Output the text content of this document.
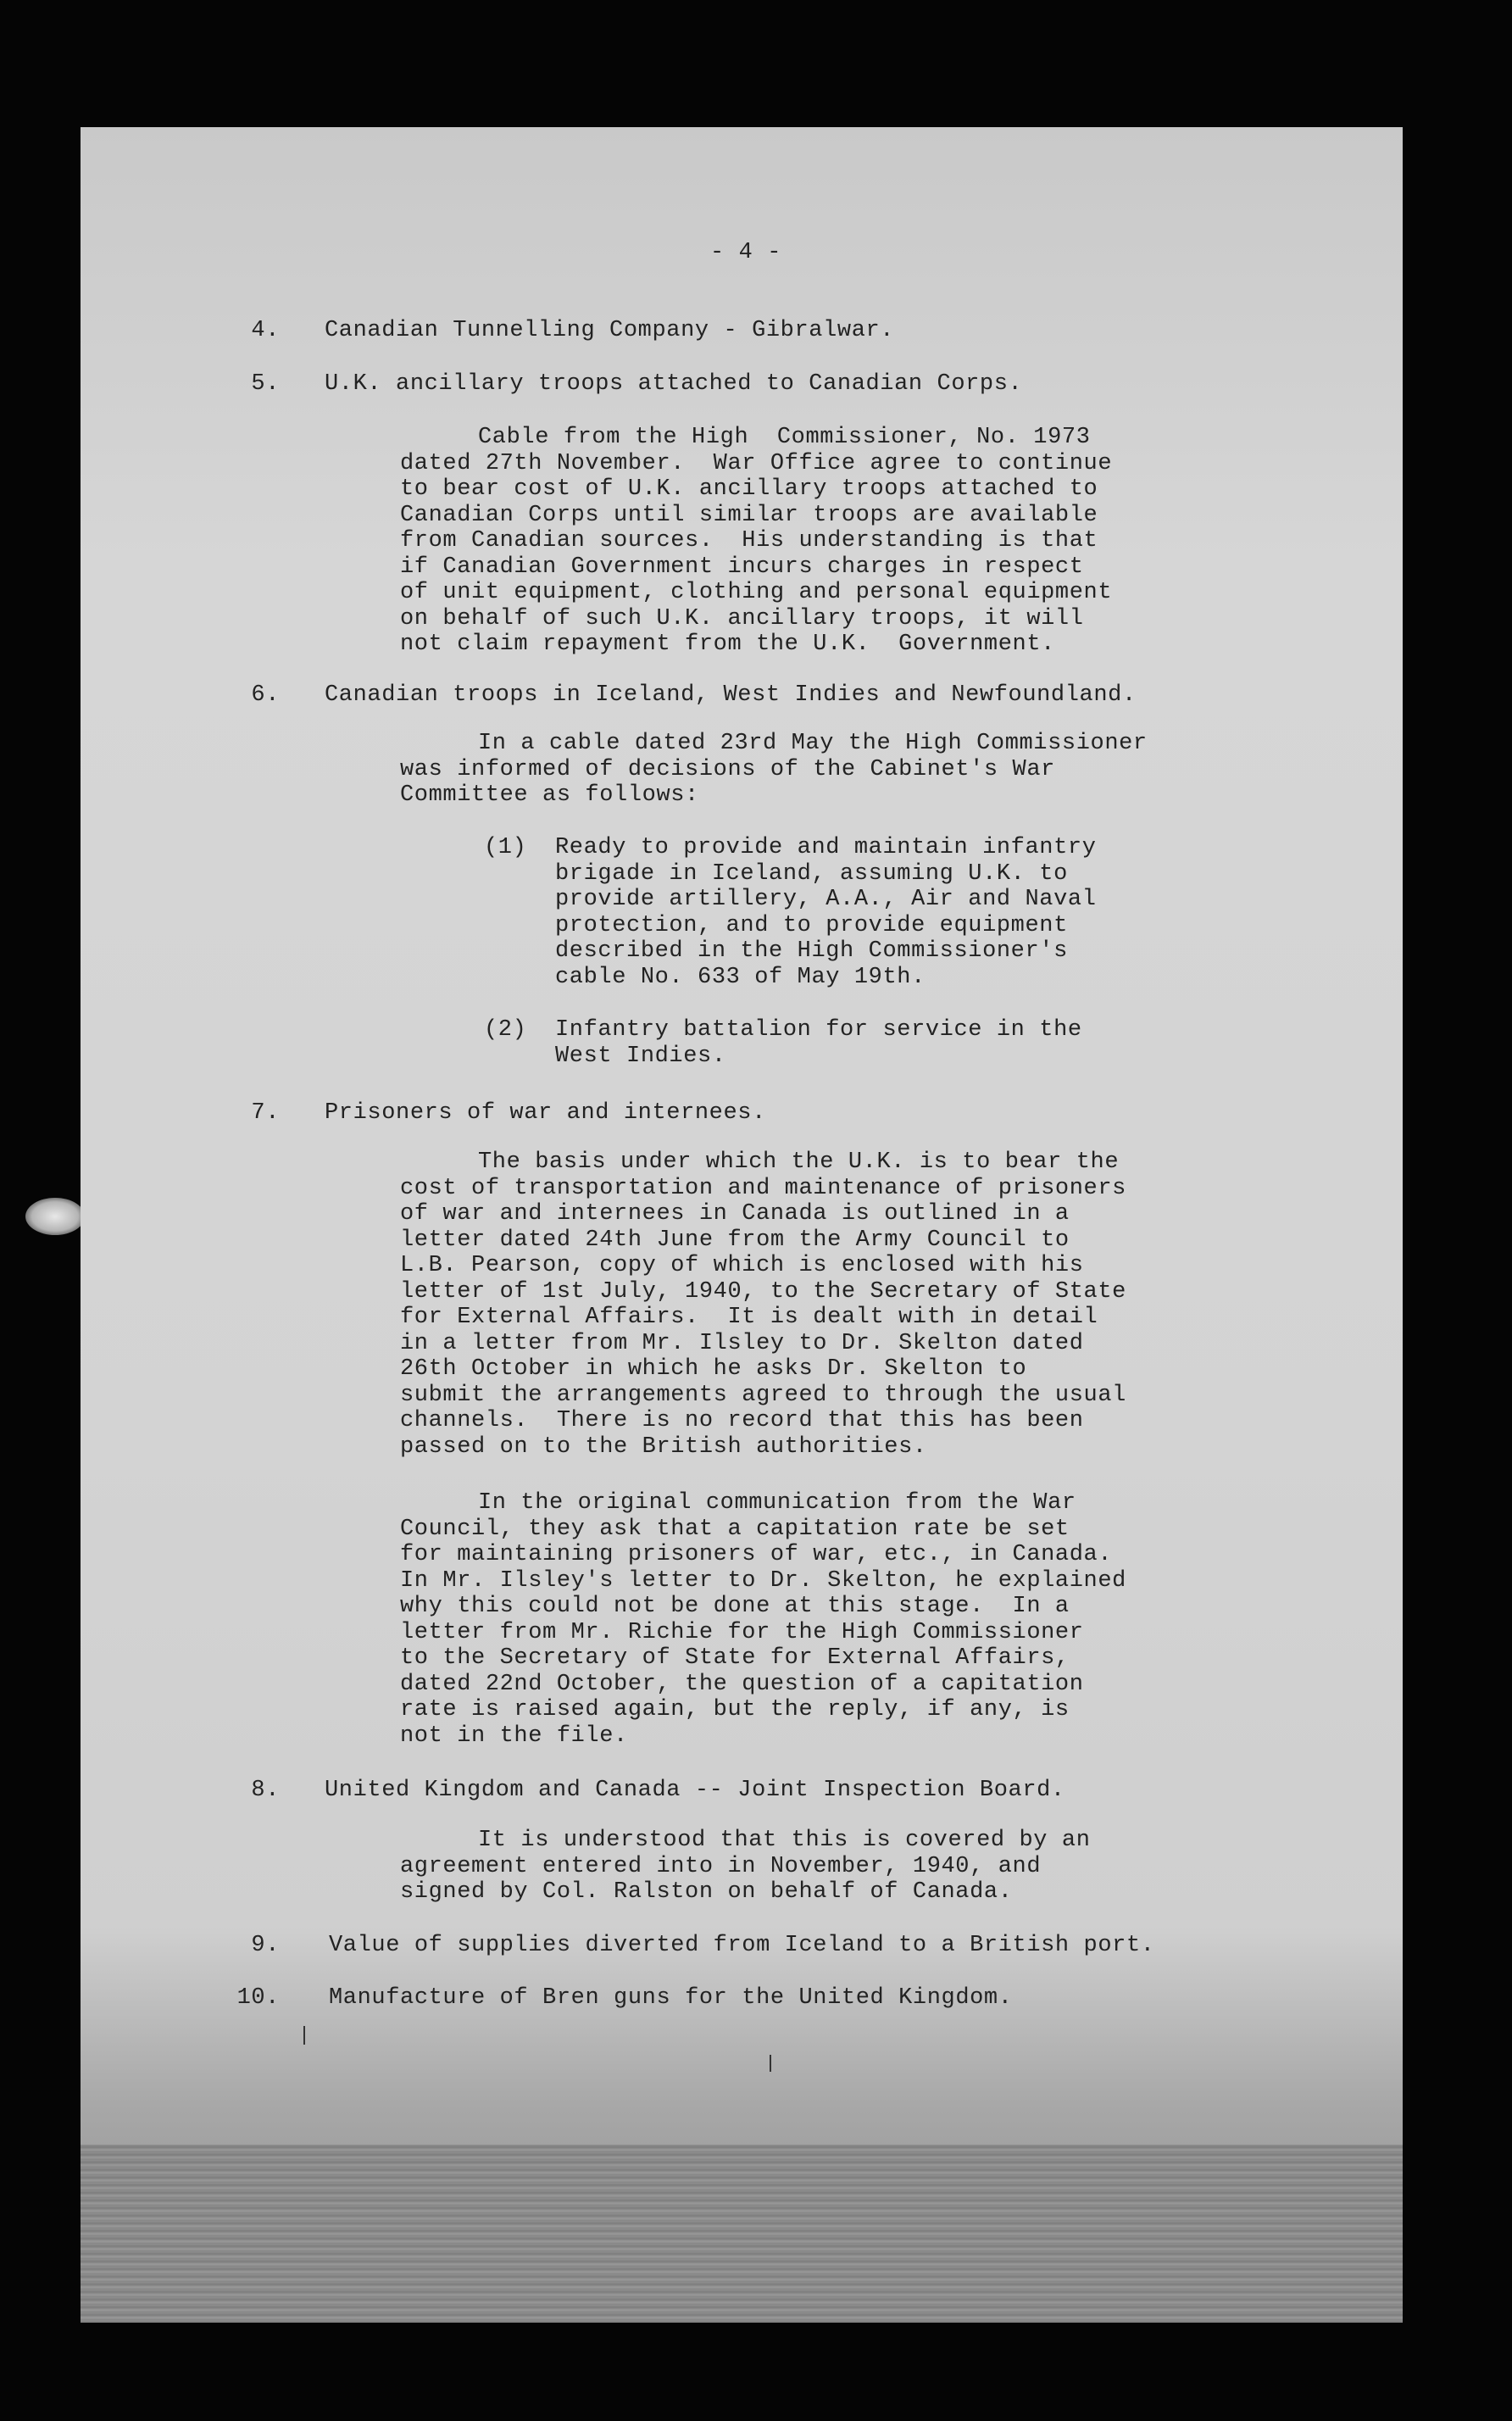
- 4 -
4. Canadian Tunnelling Company - Gibralwar.
5. U.K. ancillary troops attached to Canadian Corps.
Cable from the High  Commissioner, No. 1973
dated 27th November.  War Office agree to continue
to bear cost of U.K. ancillary troops attached to
Canadian Corps until similar troops are available
from Canadian sources.  His understanding is that
if Canadian Government incurs charges in respect
of unit equipment, clothing and personal equipment
on behalf of such U.K. ancillary troops, it will
not claim repayment from the U.K.  Government.
6. Canadian troops in Iceland, West Indies and Newfoundland.
In a cable dated 23rd May the High Commissioner
was informed of decisions of the Cabinet's War
Committee as follows:
(1) Ready to provide and maintain infantry
brigade in Iceland, assuming U.K. to
provide artillery, A.A., Air and Naval
protection, and to provide equipment
described in the High Commissioner's
cable No. 633 of May 19th.
(2) Infantry battalion for service in the
West Indies.
7. Prisoners of war and internees.
The basis under which the U.K. is to bear the
cost of transportation and maintenance of prisoners
of war and internees in Canada is outlined in a
letter dated 24th June from the Army Council to
L.B. Pearson, copy of which is enclosed with his
letter of 1st July, 1940, to the Secretary of State
for External Affairs.  It is dealt with in detail
in a letter from Mr. Ilsley to Dr. Skelton dated
26th October in which he asks Dr. Skelton to
submit the arrangements agreed to through the usual
channels.  There is no record that this has been
passed on to the British authorities.
In the original communication from the War
Council, they ask that a capitation rate be set
for maintaining prisoners of war, etc., in Canada.
In Mr. Ilsley's letter to Dr. Skelton, he explained
why this could not be done at this stage.  In a
letter from Mr. Richie for the High Commissioner
to the Secretary of State for External Affairs,
dated 22nd October, the question of a capitation
rate is raised again, but the reply, if any, is
not in the file.
8. United Kingdom and Canada -- Joint Inspection Board.
It is understood that this is covered by an
agreement entered into in November, 1940, and
signed by Col. Ralston on behalf of Canada.
9. Value of supplies diverted from Iceland to a British port.
10. Manufacture of Bren guns for the United Kingdom.
